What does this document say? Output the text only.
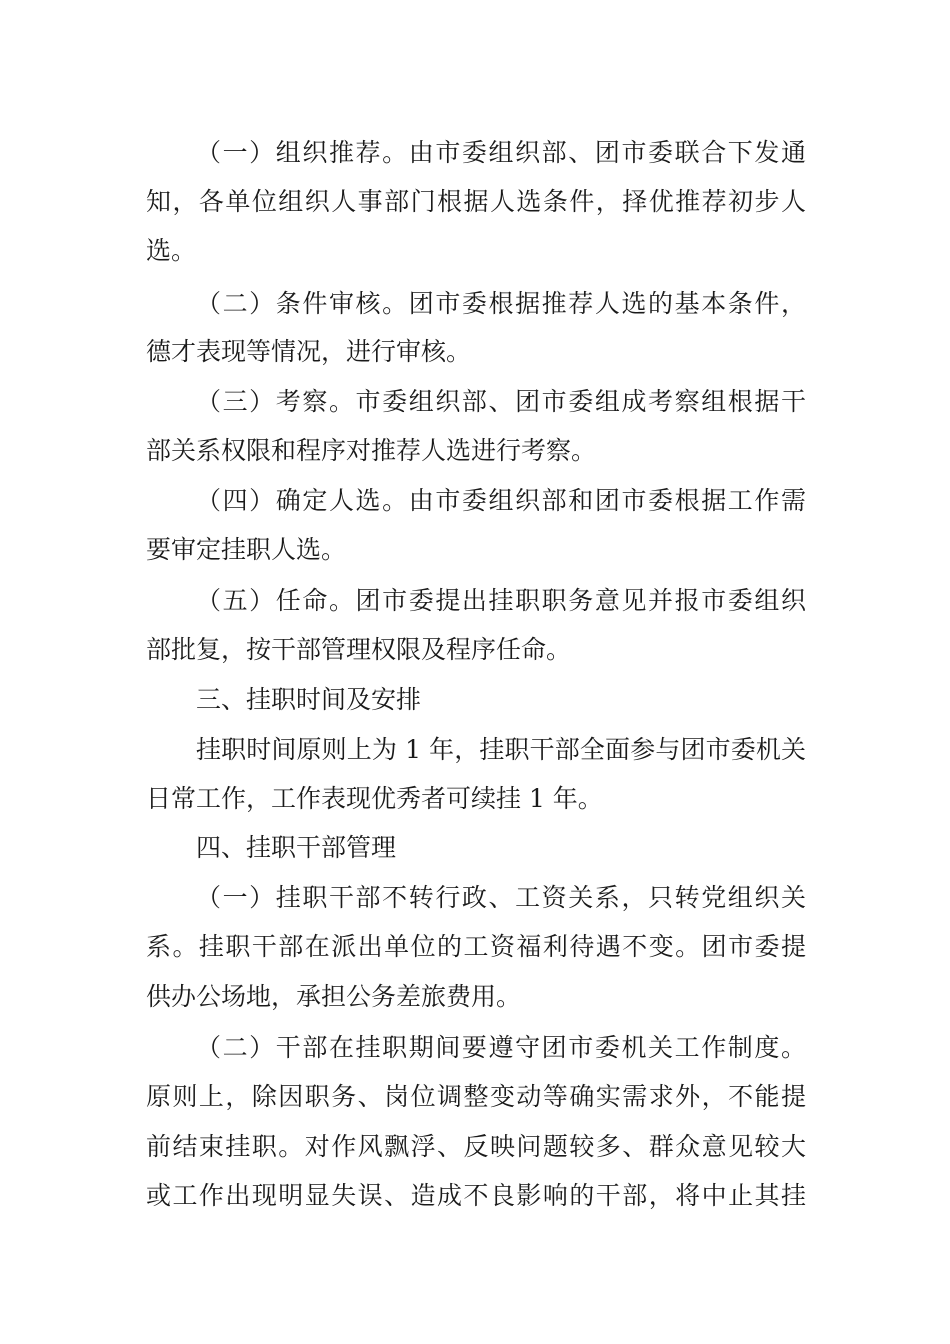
（一）组织推荐。由市委组织部、团市委联合下发通
知，各单位组织人事部门根据人选条件，择优推荐初步人
选。
（二）条件审核。团市委根据推荐人选的基本条件，
德才表现等情况，进行审核。
（三）考察。市委组织部、团市委组成考察组根据干
部关系权限和程序对推荐人选进行考察。
（四）确定人选。由市委组织部和团市委根据工作需
要审定挂职人选。
（五）任命。团市委提出挂职职务意见并报市委组织
部批复，按干部管理权限及程序任命。
三、挂职时间及安排
挂职时间原则上为 1 年，挂职干部全面参与团市委机关
日常工作，工作表现优秀者可续挂 1 年。
四、挂职干部管理
（一）挂职干部不转行政、工资关系，只转党组织关
系。挂职干部在派出单位的工资福利待遇不变。团市委提
供办公场地，承担公务差旅费用。
（二）干部在挂职期间要遵守团市委机关工作制度。
原则上，除因职务、岗位调整变动等确实需求外，不能提
前结束挂职。对作风飘浮、反映问题较多、群众意见较大
或工作出现明显失误、造成不良影响的干部，将中止其挂
